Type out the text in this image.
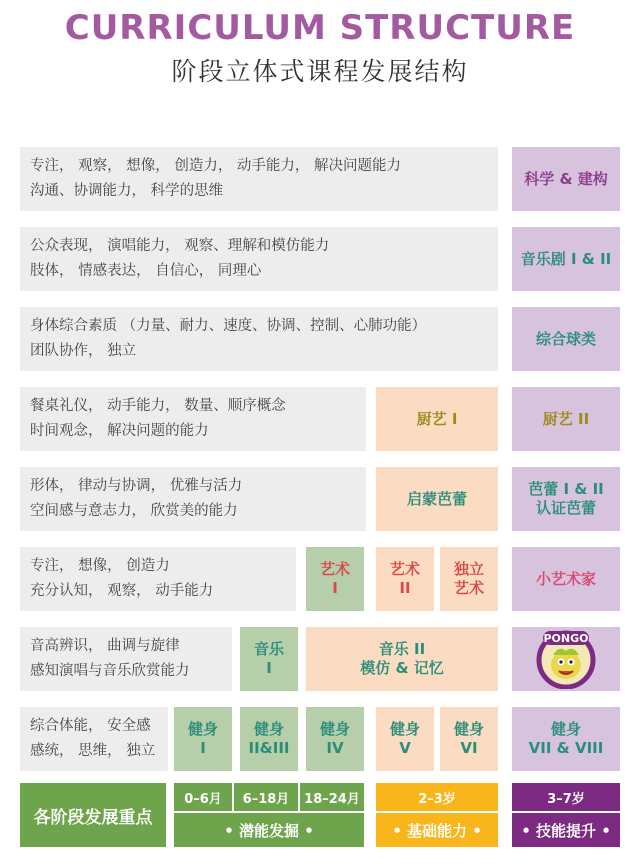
CURRICULUM STRUCTURE
阶段立体式课程发展结构
专注， 观察， 想像， 创造力， 动手能力， 解决问题能力
沟通、协调能力， 科学的思维
科学 & 建构
公众表现， 演唱能力， 观察、理解和模仿能力
肢体， 情感表达， 自信心， 同理心
音乐剧 I & II
身体综合素质 （力量、耐力、速度、协调、控制、心肺功能）
团队协作， 独立
综合球类
餐桌礼仪， 动手能力， 数量、顺序概念
时间观念， 解决问题的能力
厨艺 I	厨艺 II
形体， 律动与协调， 优雅与活力
空间感与意志力， 欣赏美的能力
启蒙芭蕾
芭蕾 I & II
认证芭蕾
专注， 想像， 创造力
充分认知， 观察， 动手能力
艺术
I
艺术
II
独立
艺术
小艺术家
音高辨识， 曲调与旋律
感知演唱与音乐欣赏能力
音乐
I
音乐 II
模仿 & 记忆
PONGO
综合体能， 安全感
感统， 思维， 独立
健身
I
健身
II&III
健身
IV
健身
V
健身
VI
健身
VII & VIII
各阶段发展重点
0–6月 6–18月 18–24月
• 潜能发掘 •
2–3岁
• 基础能力 •
3–7岁
• 技能提升 •
